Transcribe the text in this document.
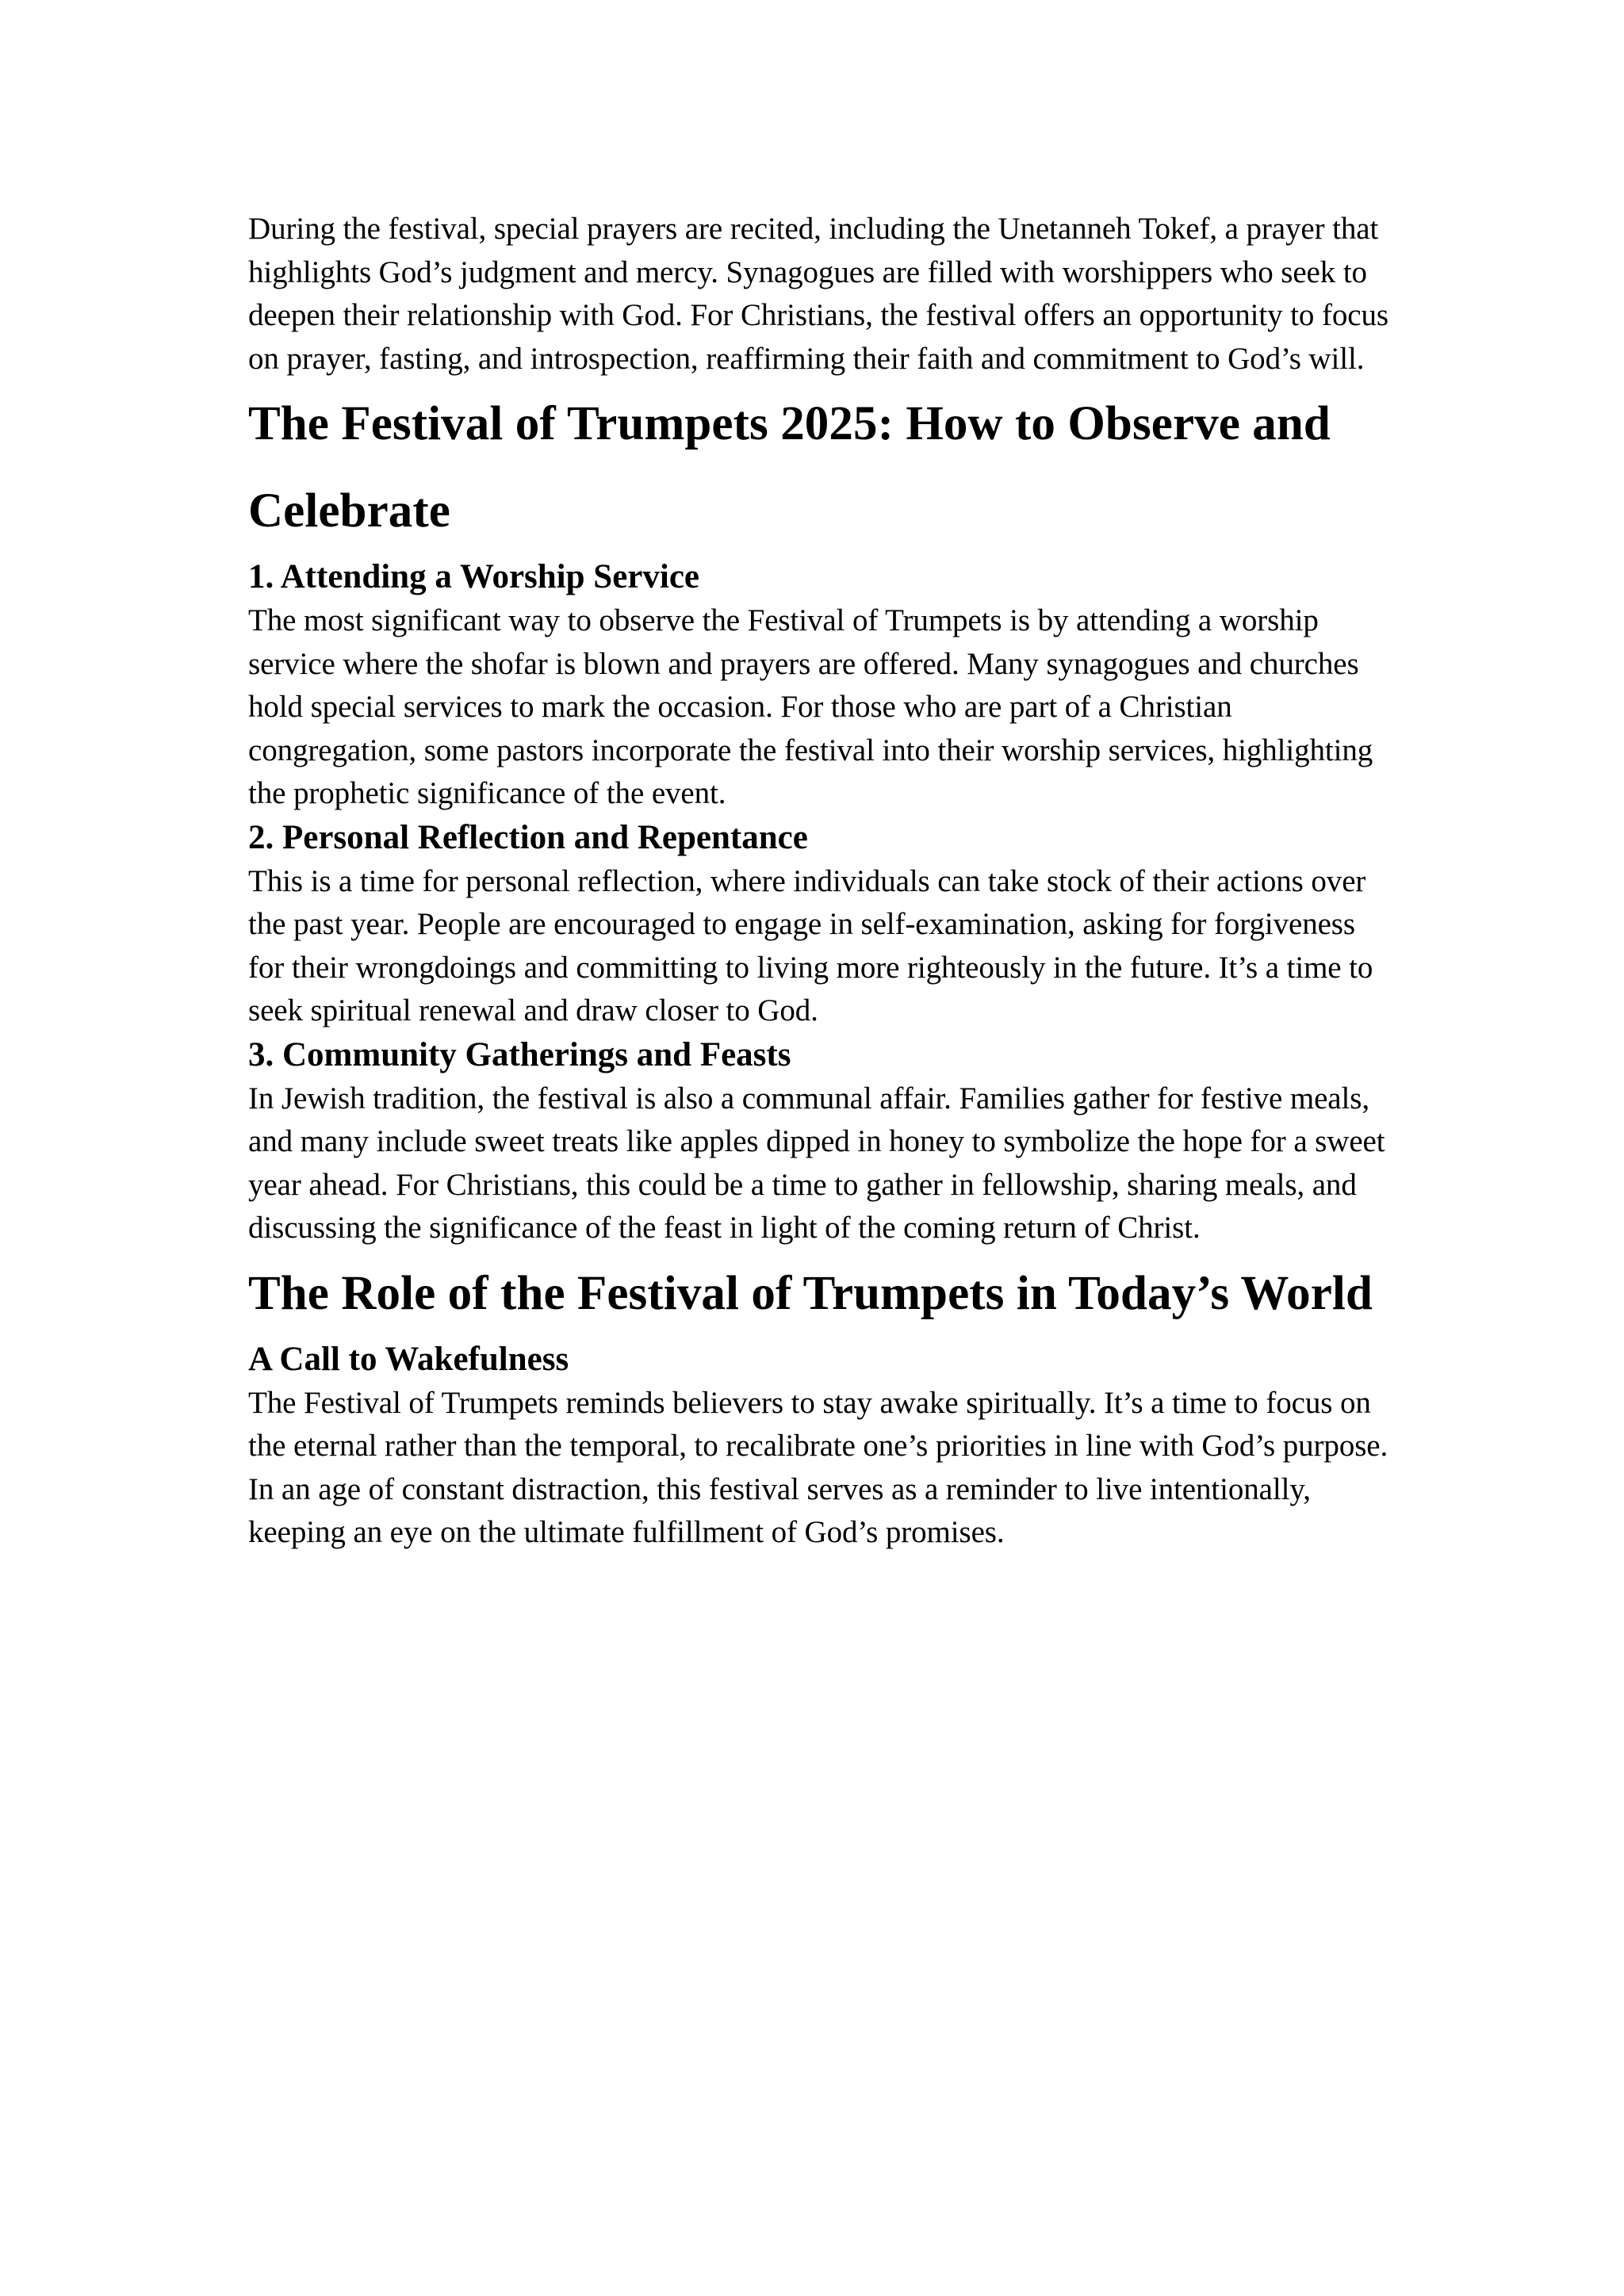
During the festival, special prayers are recited, including the Unetanneh Tokef, a prayer that highlights God’s judgment and mercy. Synagogues are filled with worshippers who seek to deepen their relationship with God. For Christians, the festival offers an opportunity to focus on prayer, fasting, and introspection, reaffirming their faith and commitment to God’s will.

The Festival of Trumpets 2025: How to Observe and Celebrate
1. Attending a Worship Service

The most significant way to observe the Festival of Trumpets is by attending a worship service where the shofar is blown and prayers are offered. Many synagogues and churches hold special services to mark the occasion. For those who are part of a Christian congregation, some pastors incorporate the festival into their worship services, highlighting the prophetic significance of the event.

2. Personal Reflection and Repentance

This is a time for personal reflection, where individuals can take stock of their actions over the past year. People are encouraged to engage in self-examination, asking for forgiveness for their wrongdoings and committing to living more righteously in the future. It’s a time to seek spiritual renewal and draw closer to God.

3. Community Gatherings and Feasts

In Jewish tradition, the festival is also a communal affair. Families gather for festive meals, and many include sweet treats like apples dipped in honey to symbolize the hope for a sweet year ahead. For Christians, this could be a time to gather in fellowship, sharing meals, and discussing the significance of the feast in light of the coming return of Christ.

The Role of the Festival of Trumpets in Today’s World
A Call to Wakefulness

The Festival of Trumpets reminds believers to stay awake spiritually. It’s a time to focus on the eternal rather than the temporal, to recalibrate one’s priorities in line with God’s purpose. In an age of constant distraction, this festival serves as a reminder to live intentionally, keeping an eye on the ultimate fulfillment of God’s promises.
